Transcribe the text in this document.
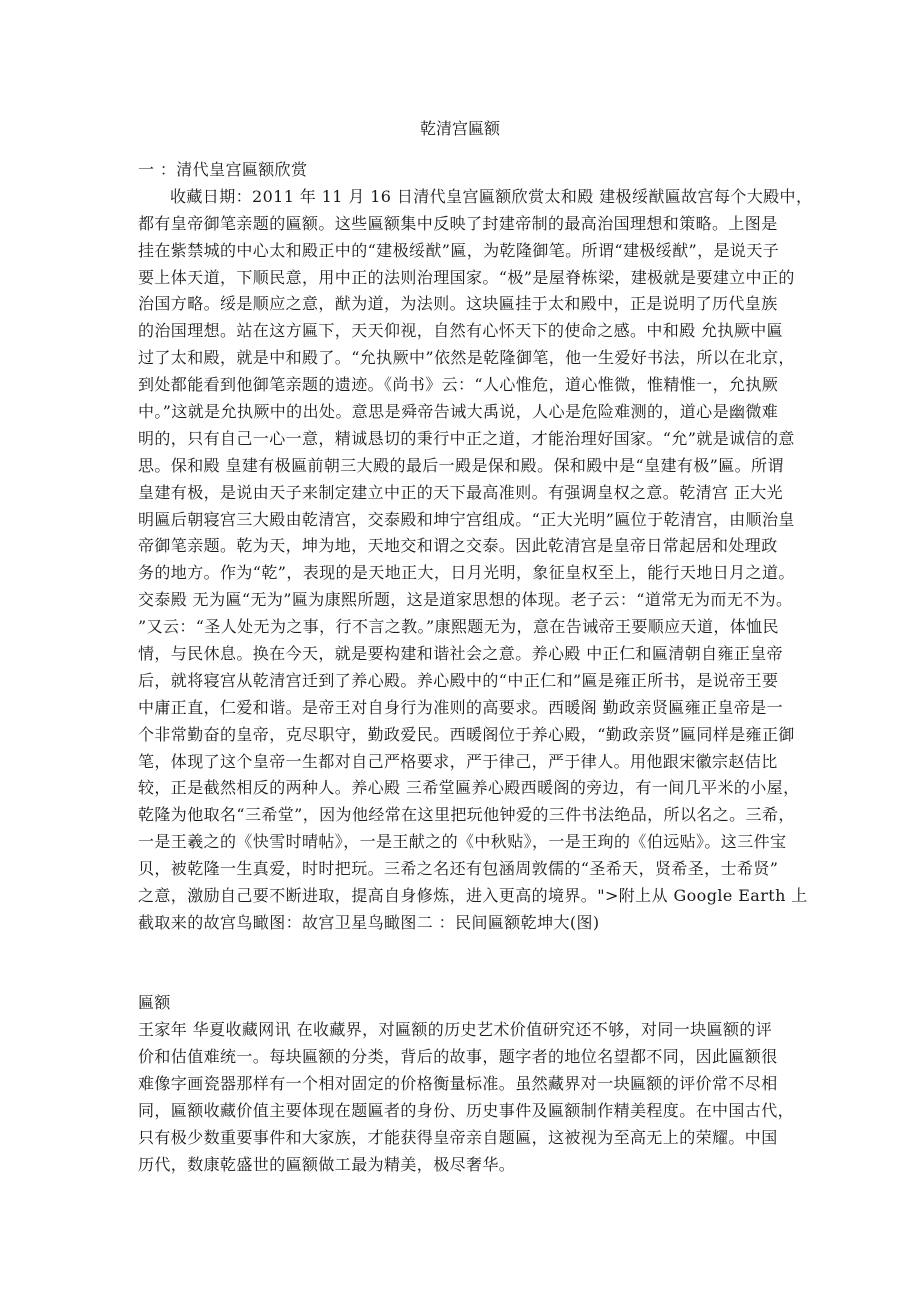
乾清宫匾额
一 ：清代皇宫匾额欣赏
收藏日期：2011 年 11 月 16 日清代皇宫匾额欣赏太和殿 建极绥猷匾故宫每个大殿中，
都有皇帝御笔亲题的匾额。这些匾额集中反映了封建帝制的最高治国理想和策略。上图是
挂在紫禁城的中心太和殿正中的“建极绥猷”匾，为乾隆御笔。所谓“建极绥猷”，是说天子
要上体天道，下顺民意，用中正的法则治理国家。“极”是屋脊栋梁，建极就是要建立中正的
治国方略。绥是顺应之意，猷为道，为法则。这块匾挂于太和殿中，正是说明了历代皇族
的治国理想。站在这方匾下，天天仰视，自然有心怀天下的使命之感。中和殿 允执厥中匾
过了太和殿，就是中和殿了。“允执厥中”依然是乾隆御笔，他一生爱好书法，所以在北京，
到处都能看到他御笔亲题的遗迹。《尚书》云：“人心惟危，道心惟微，惟精惟一，允执厥
中。”这就是允执厥中的出处。意思是舜帝告诫大禹说，人心是危险难测的，道心是幽微难
明的，只有自己一心一意，精诚恳切的秉行中正之道，才能治理好国家。“允”就是诚信的意
思。保和殿 皇建有极匾前朝三大殿的最后一殿是保和殿。保和殿中是“皇建有极”匾。所谓
皇建有极，是说由天子来制定建立中正的天下最高准则。有强调皇权之意。乾清宫 正大光
明匾后朝寝宫三大殿由乾清宫，交泰殿和坤宁宫组成。“正大光明”匾位于乾清宫，由顺治皇
帝御笔亲题。乾为天，坤为地，天地交和谓之交泰。因此乾清宫是皇帝日常起居和处理政
务的地方。作为“乾”，表现的是天地正大，日月光明，象征皇权至上，能行天地日月之道。
交泰殿 无为匾“无为”匾为康熙所题，这是道家思想的体现。老子云：“道常无为而无不为。
”又云：“圣人处无为之事，行不言之教。”康熙题无为，意在告诫帝王要顺应天道，体恤民
情，与民休息。换在今天，就是要构建和谐社会之意。养心殿 中正仁和匾清朝自雍正皇帝
后，就将寝宫从乾清宫迁到了养心殿。养心殿中的“中正仁和”匾是雍正所书，是说帝王要
中庸正直，仁爱和谐。是帝王对自身行为准则的高要求。西暖阁 勤政亲贤匾雍正皇帝是一
个非常勤奋的皇帝，克尽职守，勤政爱民。西暖阁位于养心殿，“勤政亲贤”匾同样是雍正御
笔，体现了这个皇帝一生都对自己严格要求，严于律己，严于律人。用他跟宋徽宗赵佶比
较，正是截然相反的两种人。养心殿 三希堂匾养心殿西暖阁的旁边，有一间几平米的小屋，
乾隆为他取名“三希堂”，因为他经常在这里把玩他钟爱的三件书法绝品，所以名之。三希，
一是王羲之的《快雪时晴帖》，一是王献之的《中秋贴》，一是王珣的《伯远贴》。这三件宝
贝，被乾隆一生真爱，时时把玩。三希之名还有包涵周敦儒的“圣希天，贤希圣，士希贤”
之意，激励自己要不断进取，提高自身修炼，进入更高的境界。">附上从 Google Earth 上
截取来的故宫鸟瞰图：故宫卫星鸟瞰图二 ：民间匾额乾坤大(图)
匾额
王家年 华夏收藏网讯 在收藏界，对匾额的历史艺术价值研究还不够，对同一块匾额的评
价和估值难统一。每块匾额的分类，背后的故事，题字者的地位名望都不同，因此匾额很
难像字画瓷器那样有一个相对固定的价格衡量标准。虽然藏界对一块匾额的评价常不尽相
同，匾额收藏价值主要体现在题匾者的身份、历史事件及匾额制作精美程度。在中国古代，
只有极少数重要事件和大家族，才能获得皇帝亲自题匾，这被视为至高无上的荣耀。中国
历代，数康乾盛世的匾额做工最为精美，极尽奢华。
